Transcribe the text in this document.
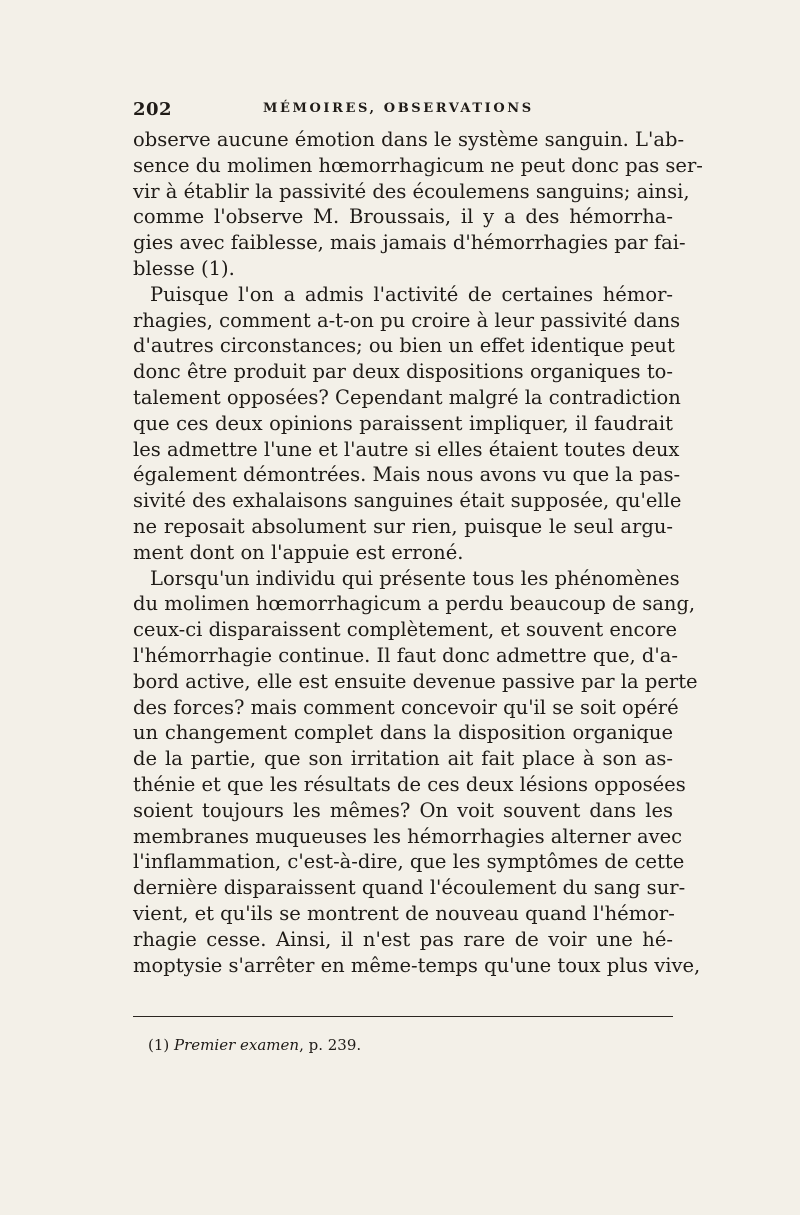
202	MÉMOIRES, OBSERVATIONS
observe aucune émotion dans le système sanguin. L'ab-
sence du molimen hœmorrhagicum ne peut donc pas ser-
vir à établir la passivité des écoulemens sanguins; ainsi,
comme l'observe M. Broussais, il y a des hémorrha-
gies avec faiblesse, mais jamais d'hémorrhagies par fai-
blesse (1).
Puisque l'on a admis l'activité de certaines hémor-
rhagies, comment a-t-on pu croire à leur passivité dans
d'autres circonstances; ou bien un effet identique peut
donc être produit par deux dispositions organiques to-
talement opposées? Cependant malgré la contradiction
que ces deux opinions paraissent impliquer, il faudrait
les admettre l'une et l'autre si elles étaient toutes deux
également démontrées. Mais nous avons vu que la pas-
sivité des exhalaisons sanguines était supposée, qu'elle
ne reposait absolument sur rien, puisque le seul argu-
ment dont on l'appuie est erroné.
Lorsqu'un individu qui présente tous les phénomènes
du molimen hœmorrhagicum a perdu beaucoup de sang,
ceux-ci disparaissent complètement, et souvent encore
l'hémorrhagie continue. Il faut donc admettre que, d'a-
bord active, elle est ensuite devenue passive par la perte
des forces? mais comment concevoir qu'il se soit opéré
un changement complet dans la disposition organique
de la partie, que son irritation ait fait place à son as-
thénie et que les résultats de ces deux lésions opposées
soient toujours les mêmes? On voit souvent dans les
membranes muqueuses les hémorrhagies alterner avec
l'inflammation, c'est-à-dire, que les symptômes de cette
dernière disparaissent quand l'écoulement du sang sur-
vient, et qu'ils se montrent de nouveau quand l'hémor-
rhagie cesse. Ainsi, il n'est pas rare de voir une hé-
moptysie s'arrêter en même-temps qu'une toux plus vive,
(1) Premier examen, p. 239.
